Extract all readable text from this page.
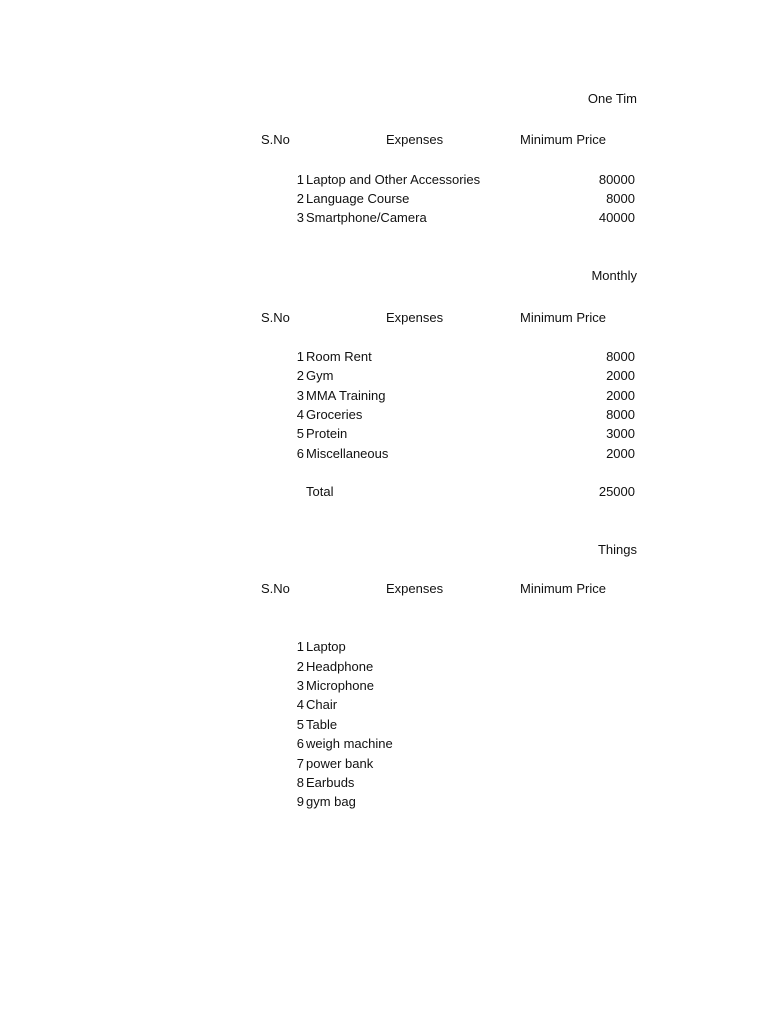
One Tim
S.No	Expenses	Minimum Price
1 Laptop and Other Accessories	80000
2 Language Course	8000
3 Smartphone/Camera	40000
Monthly
S.No	Expenses	Minimum Price
1 Room Rent	8000
2 Gym	2000
3 MMA Training	2000
4 Groceries	8000
5 Protein	3000
6 Miscellaneous	2000
Total	25000
Things
S.No	Expenses	Minimum Price
1 Laptop
2 Headphone
3 Microphone
4 Chair
5 Table
6 weigh machine
7 power bank
8 Earbuds
9 gym bag
